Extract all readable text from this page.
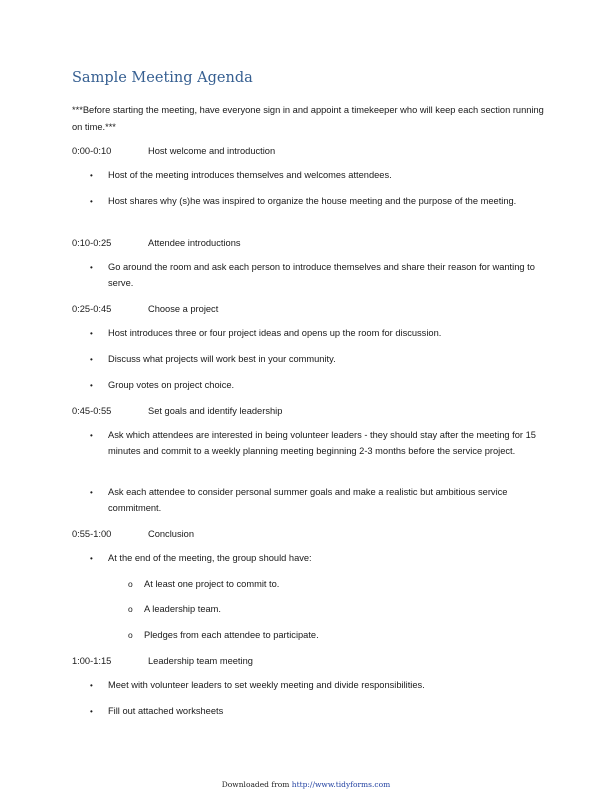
Sample Meeting Agenda
***Before starting the meeting, have everyone sign in and appoint a timekeeper who will keep each section running on time.***
0:00-0:10	Host welcome and introduction
• Host of the meeting introduces themselves and welcomes attendees.
• Host shares why (s)he was inspired to organize the house meeting and the purpose of the meeting.
0:10-0:25	Attendee introductions
• Go around the room and ask each person to introduce themselves and share their reason for wanting to serve.
0:25-0:45	Choose a project
• Host introduces three or four project ideas and opens up the room for discussion.
• Discuss what projects will work best in your community.
• Group votes on project choice.
0:45-0:55	Set goals and identify leadership
• Ask which attendees are interested in being volunteer leaders - they should stay after the meeting for 15 minutes and commit to a weekly planning meeting beginning 2-3 months before the service project.
• Ask each attendee to consider personal summer goals and make a realistic but ambitious service commitment.
0:55-1:00	Conclusion
• At the end of the meeting, the group should have:
o At least one project to commit to.
o A leadership team.
o Pledges from each attendee to participate.
1:00-1:15	Leadership team meeting
• Meet with volunteer leaders to set weekly meeting and divide responsibilities.
• Fill out attached worksheets
Downloaded from http://www.tidyforms.com
